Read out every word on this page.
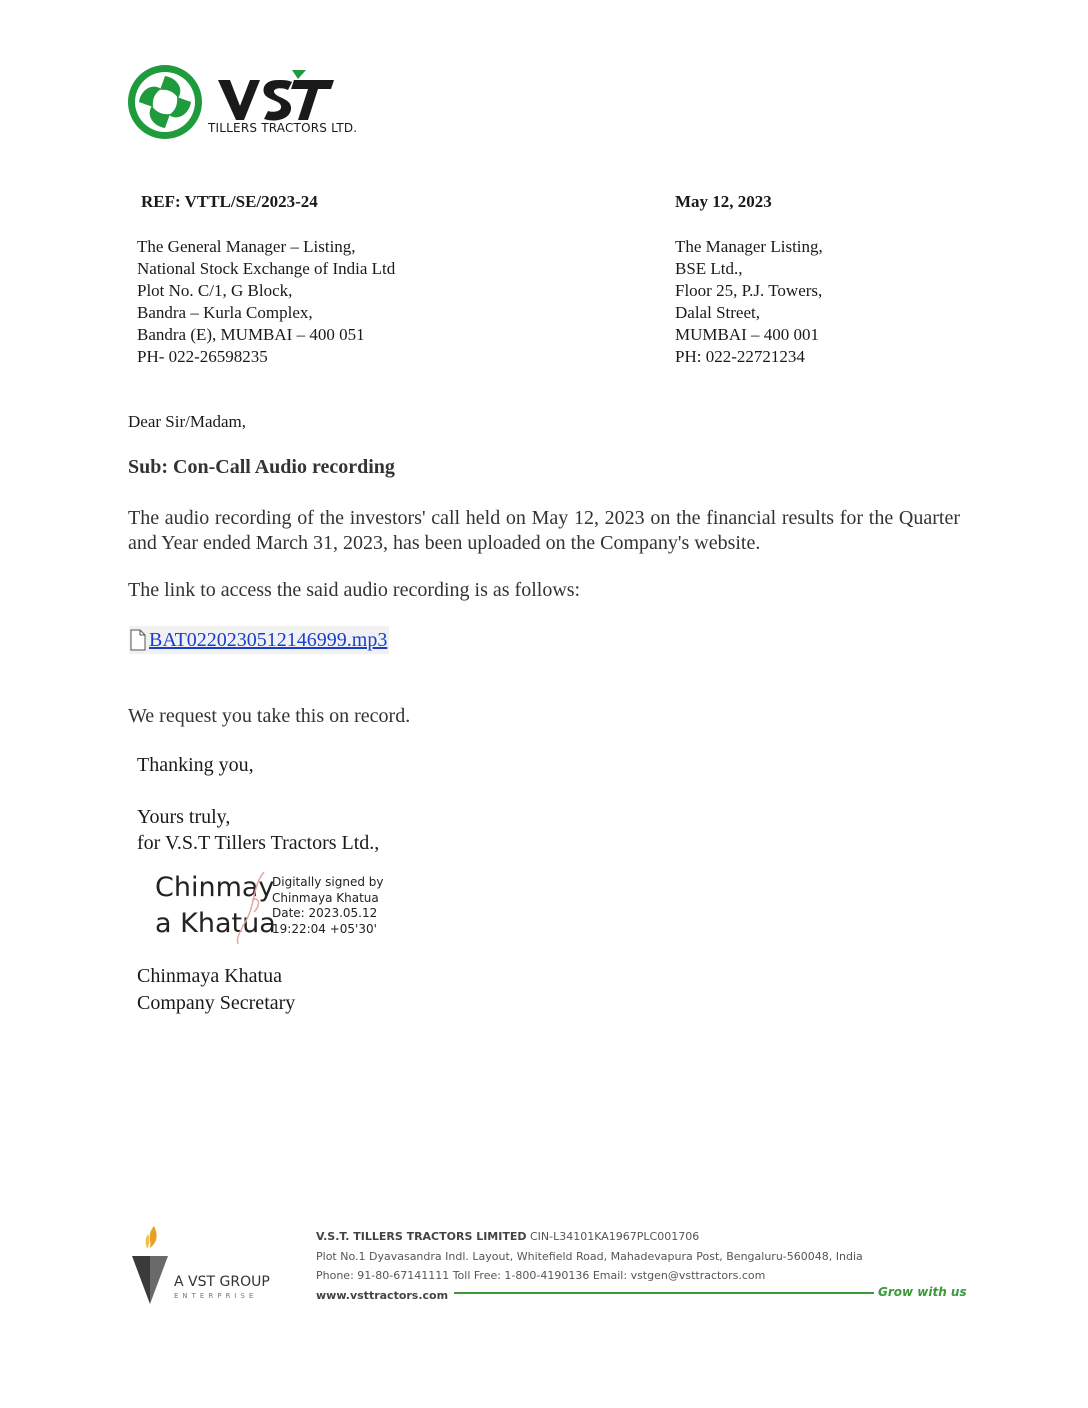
TILLERS TRACTORS LTD.
REF: VTTL/SE/2023-24	May 12, 2023
The General Manager – Listing,
National Stock Exchange of India Ltd
Plot No. C/1, G Block,
Bandra – Kurla Complex,
Bandra (E), MUMBAI – 400 051
PH- 022-26598235
The Manager Listing,
BSE Ltd.,
Floor 25, P.J. Towers,
Dalal Street,
MUMBAI – 400 001
PH: 022-22721234
Dear Sir/Madam,
Sub: Con-Call Audio recording
The audio recording of the investors' call held on May 12, 2023 on the financial results for the Quarter and Year ended March 31, 2023, has been uploaded on the Company's website.
The link to access the said audio recording is as follows:
BAT0220230512146999.mp3
We request you take this on record.
Thanking you,
Yours truly,
for V.S.T Tillers Tractors Ltd.,
Chinmay
a Khatua
Digitally signed by
Chinmaya Khatua
Date: 2023.05.12
19:22:04 +05'30'
Chinmaya Khatua
Company Secretary
A VST GROUP
ENTERPRISE
V.S.T. TILLERS TRACTORS LIMITED CIN-L34101KA1967PLC001706
Plot No.1 Dyavasandra Indl. Layout, Whitefield Road, Mahadevapura Post, Bengaluru-560048, India
Phone: 91-80-67141111 Toll Free: 1-800-4190136 Email: vstgen@vsttractors.com
www.vsttractors.com	Grow with us
